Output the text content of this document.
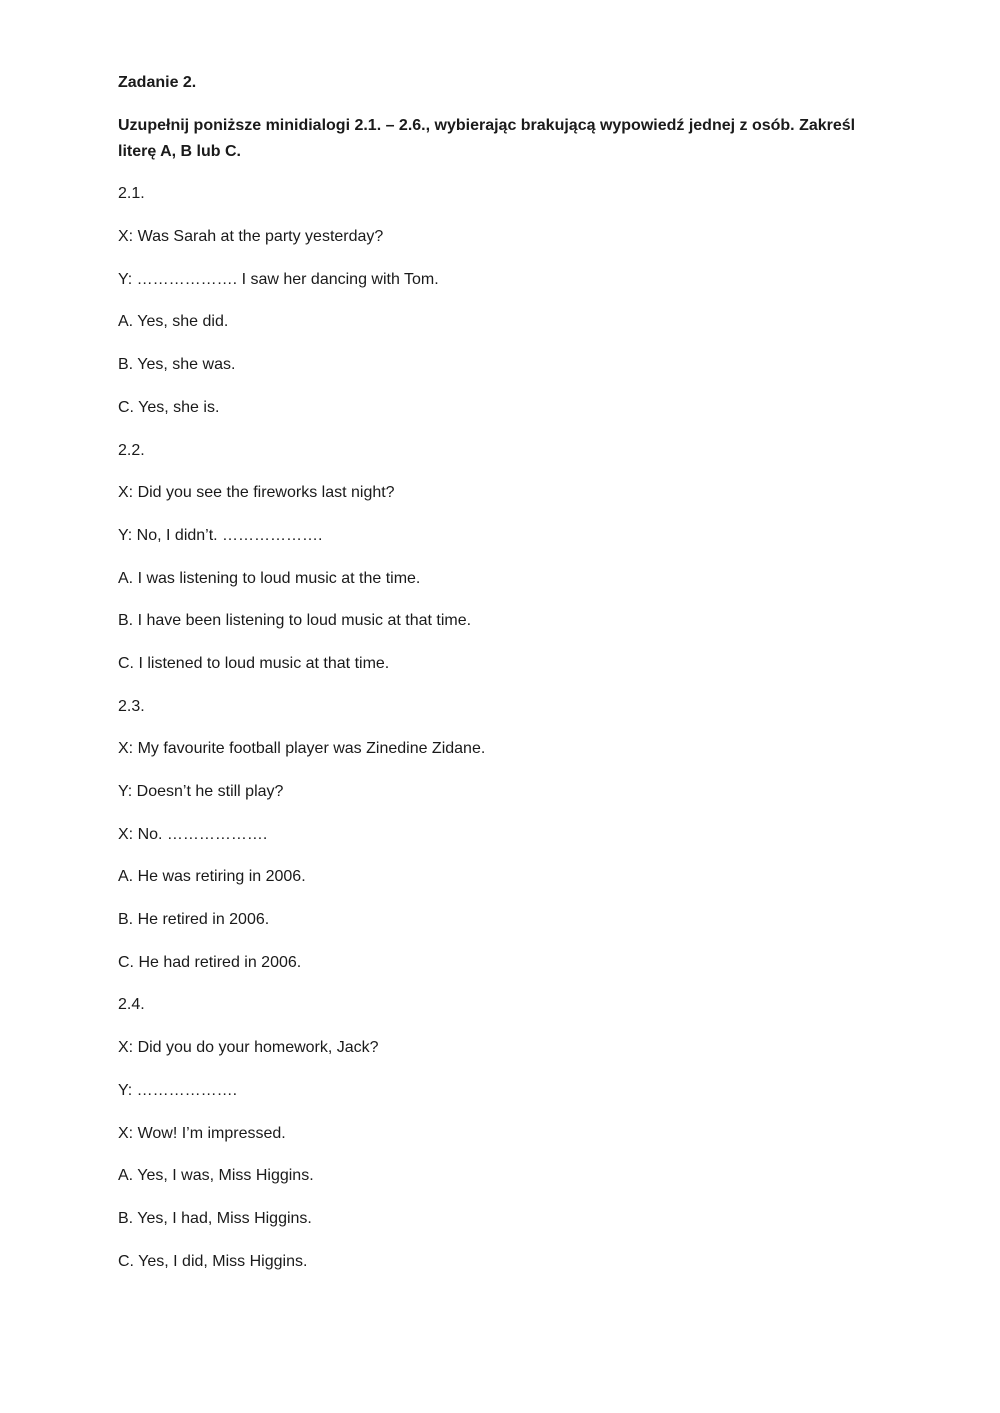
Zadanie 2.
Uzupełnij poniższe minidialogi 2.1. – 2.6., wybierając brakującą wypowiedź jednej z osób. Zakreśl literę A, B lub C.
2.1.
X: Was Sarah at the party yesterday?
Y: ………………. I saw her dancing with Tom.
A. Yes, she did.
B. Yes, she was.
C. Yes, she is.
2.2.
X: Did you see the fireworks last night?
Y: No, I didn’t. ……………….
A. I was listening to loud music at the time.
B. I have been listening to loud music at that time.
C. I listened to loud music at that time.
2.3.
X: My favourite football player was Zinedine Zidane.
Y: Doesn’t he still play?
X: No. ……………….
A. He was retiring in 2006.
B. He retired in 2006.
C. He had retired in 2006.
2.4.
X: Did you do your homework, Jack?
Y: ……………….
X: Wow! I’m impressed.
A. Yes, I was, Miss Higgins.
B. Yes, I had, Miss Higgins.
C. Yes, I did, Miss Higgins.
